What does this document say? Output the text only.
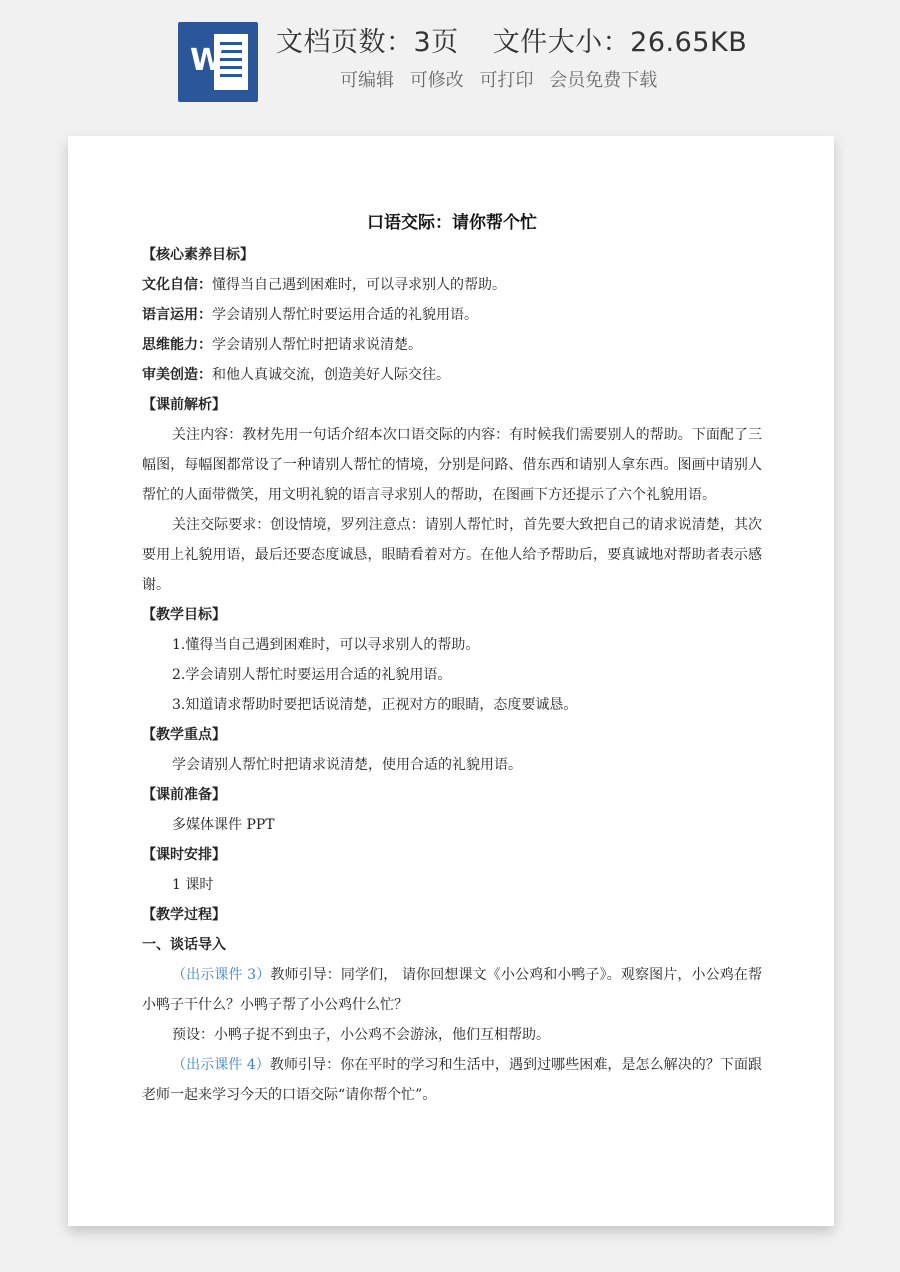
W
文档页数：3页 文件大小：26.65KB
可编辑 可修改 可打印 会员免费下载
口语交际：请你帮个忙
【核心素养目标】
文化自信：懂得当自己遇到困难时，可以寻求别人的帮助。
语言运用：学会请别人帮忙时要运用合适的礼貌用语。
思维能力：学会请别人帮忙时把请求说清楚。
审美创造：和他人真诚交流，创造美好人际交往。
【课前解析】
关注内容：教材先用一句话介绍本次口语交际的内容：有时候我们需要别人的帮助。下面配了三幅图，每幅图都常设了一种请别人帮忙的情境，分别是问路、借东西和请别人拿东西。图画中请别人帮忙的人面带微笑，用文明礼貌的语言寻求别人的帮助，在图画下方还提示了六个礼貌用语。
关注交际要求：创设情境，罗列注意点：请别人帮忙时，首先要大致把自己的请求说清楚，其次要用上礼貌用语，最后还要态度诚恳，眼睛看着对方。在他人给予帮助后，要真诚地对帮助者表示感谢。
【教学目标】
1.懂得当自己遇到困难时，可以寻求别人的帮助。
2.学会请别人帮忙时要运用合适的礼貌用语。
3.知道请求帮助时要把话说清楚，正视对方的眼睛，态度要诚恳。
【教学重点】
学会请别人帮忙时把请求说清楚，使用合适的礼貌用语。
【课前准备】
多媒体课件 PPT
【课时安排】
1 课时
【教学过程】
一、谈话导入
（出示课件 3）教师引导：同学们， 请你回想课文《小公鸡和小鸭子》。观察图片，小公鸡在帮小鸭子干什么？小鸭子帮了小公鸡什么忙？
预设：小鸭子捉不到虫子，小公鸡不会游泳，他们互相帮助。
（出示课件 4）教师引导：你在平时的学习和生活中，遇到过哪些困难，是怎么解决的？下面跟老师一起来学习今天的口语交际“请你帮个忙”。
